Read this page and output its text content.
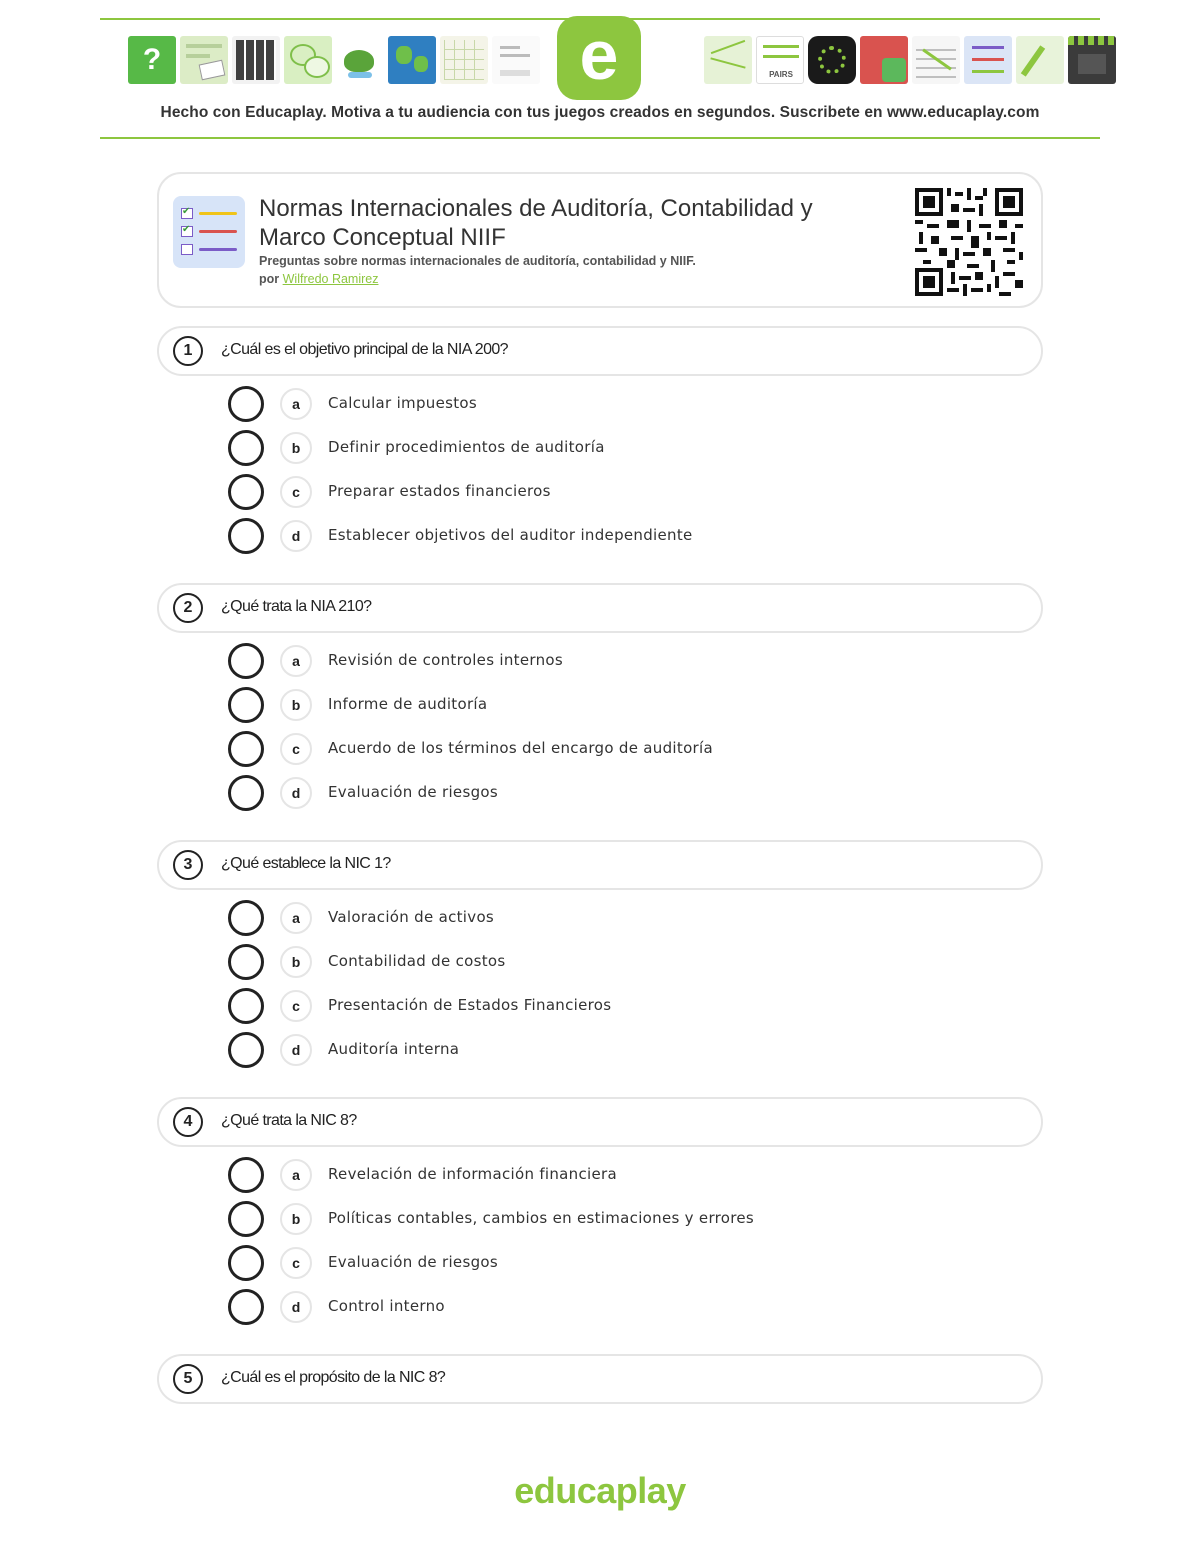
?	PAIRS
e
Hecho con Educaplay. Motiva a tu audiencia con tus juegos creados en segundos. Suscribete en www.educaplay.com
✔
✔
Normas Internacionales de Auditoría, Contabilidad y Marco Conceptual NIIF
Preguntas sobre normas internacionales de auditoría, contabilidad y NIIF.
por Wilfredo Ramirez
1	¿Cuál es el objetivo principal de la NIA 200?
a	Calcular impuestos
b	Definir procedimientos de auditoría
c	Preparar estados financieros
d	Establecer objetivos del auditor independiente
2	¿Qué trata la NIA 210?
a	Revisión de controles internos
b	Informe de auditoría
c	Acuerdo de los términos del encargo de auditoría
d	Evaluación de riesgos
3	¿Qué establece la NIC 1?
a	Valoración de activos
b	Contabilidad de costos
c	Presentación de Estados Financieros
d	Auditoría interna
4	¿Qué trata la NIC 8?
a	Revelación de información financiera
b	Políticas contables, cambios en estimaciones y errores
c	Evaluación de riesgos
d	Control interno
5	¿Cuál es el propósito de la NIC 8?
educaplay
